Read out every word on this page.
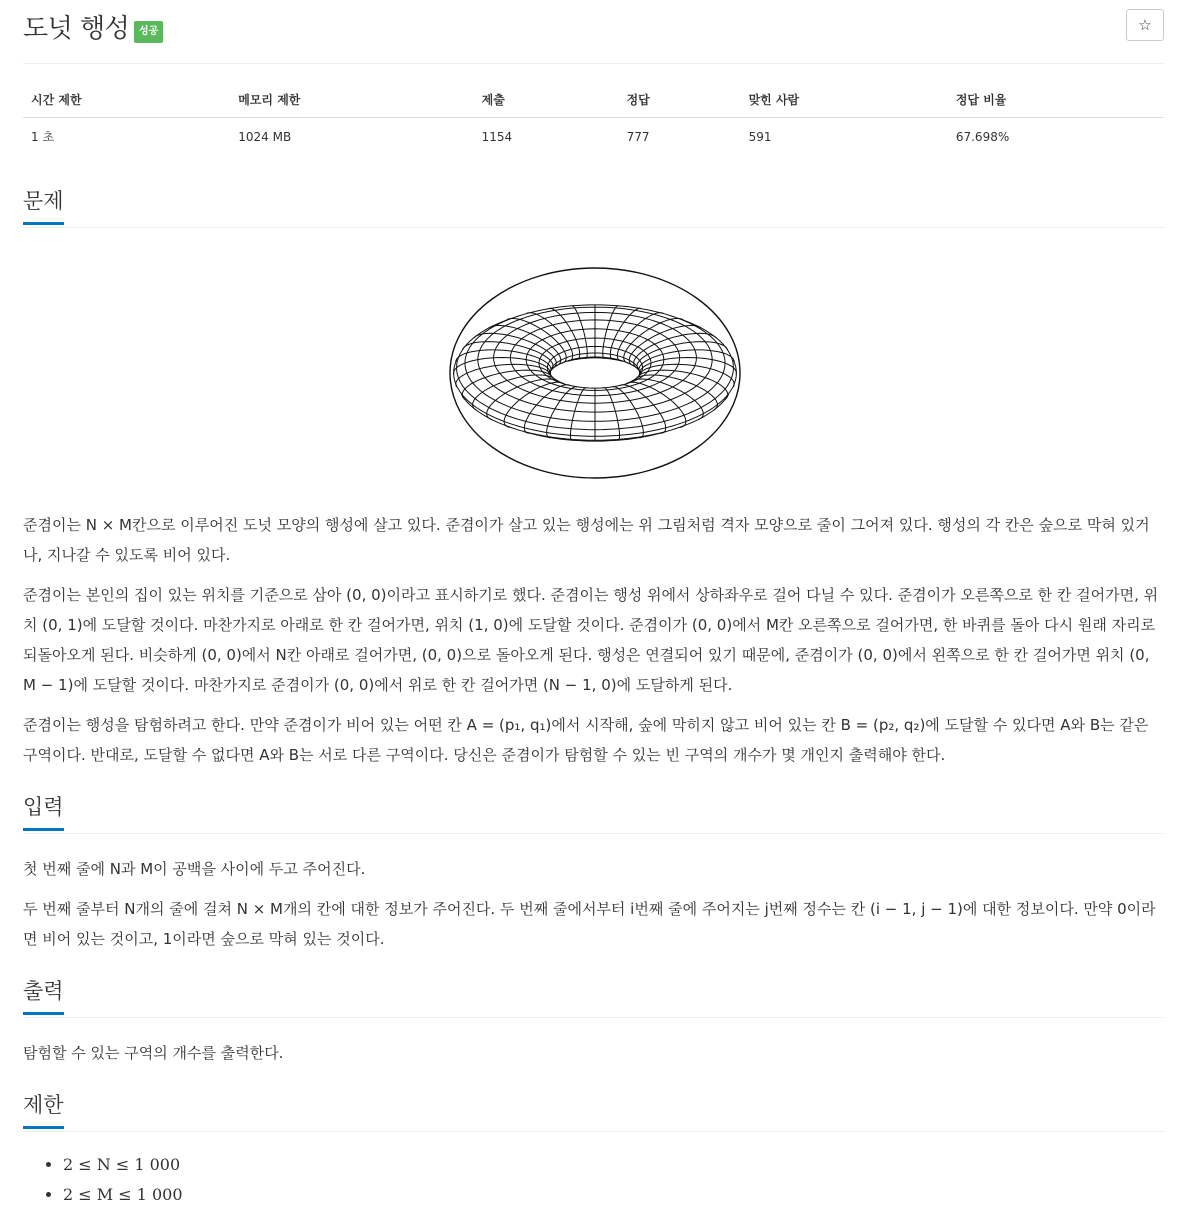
도넛 행성 성공	☆
시간 제한	메모리 제한	제출	정답	맞힌 사람	정답 비율
1 초	1024 MB	1154	777	591	67.698%
문제

준겸이는 N × M칸으로 이루어진 도넛 모양의 행성에 살고 있다. 준겸이가 살고 있는 행성에는 위 그림처럼 격자 모양으로 줄이 그어져 있다. 행성의 각 칸은 숲으로 막혀 있거나, 지나갈 수 있도록 비어 있다.

준겸이는 본인의 집이 있는 위치를 기준으로 삼아 (0, 0)이라고 표시하기로 했다. 준겸이는 행성 위에서 상하좌우로 걸어 다닐 수 있다. 준겸이가 오른쪽으로 한 칸 걸어가면, 위치 (0, 1)에 도달할 것이다. 마찬가지로 아래로 한 칸 걸어가면, 위치 (1, 0)에 도달할 것이다. 준겸이가 (0, 0)에서 M칸 오른쪽으로 걸어가면, 한 바퀴를 돌아 다시 원래 자리로 되돌아오게 된다. 비슷하게 (0, 0)에서 N칸 아래로 걸어가면, (0, 0)으로 돌아오게 된다. 행성은 연결되어 있기 때문에, 준겸이가 (0, 0)에서 왼쪽으로 한 칸 걸어가면 위치 (0, M − 1)에 도달할 것이다. 마찬가지로 준겸이가 (0, 0)에서 위로 한 칸 걸어가면 (N − 1, 0)에 도달하게 된다.

준겸이는 행성을 탐험하려고 한다. 만약 준겸이가 비어 있는 어떤 칸 A = (p₁, q₁)에서 시작해, 숲에 막히지 않고 비어 있는 칸 B = (p₂, q₂)에 도달할 수 있다면 A와 B는 같은 구역이다. 반대로, 도달할 수 없다면 A와 B는 서로 다른 구역이다. 당신은 준겸이가 탐험할 수 있는 빈 구역의 개수가 몇 개인지 출력해야 한다.

입력

첫 번째 줄에 N과 M이 공백을 사이에 두고 주어진다.

두 번째 줄부터 N개의 줄에 걸쳐 N × M개의 칸에 대한 정보가 주어진다. 두 번째 줄에서부터 i번째 줄에 주어지는 j번째 정수는 칸 (i − 1, j − 1)에 대한 정보이다. 만약 0이라면 비어 있는 것이고, 1이라면 숲으로 막혀 있는 것이다.

출력

탐험할 수 있는 구역의 개수를 출력한다.

제한
• 2 ≤ N ≤ 1 000
• 2 ≤ M ≤ 1 000
